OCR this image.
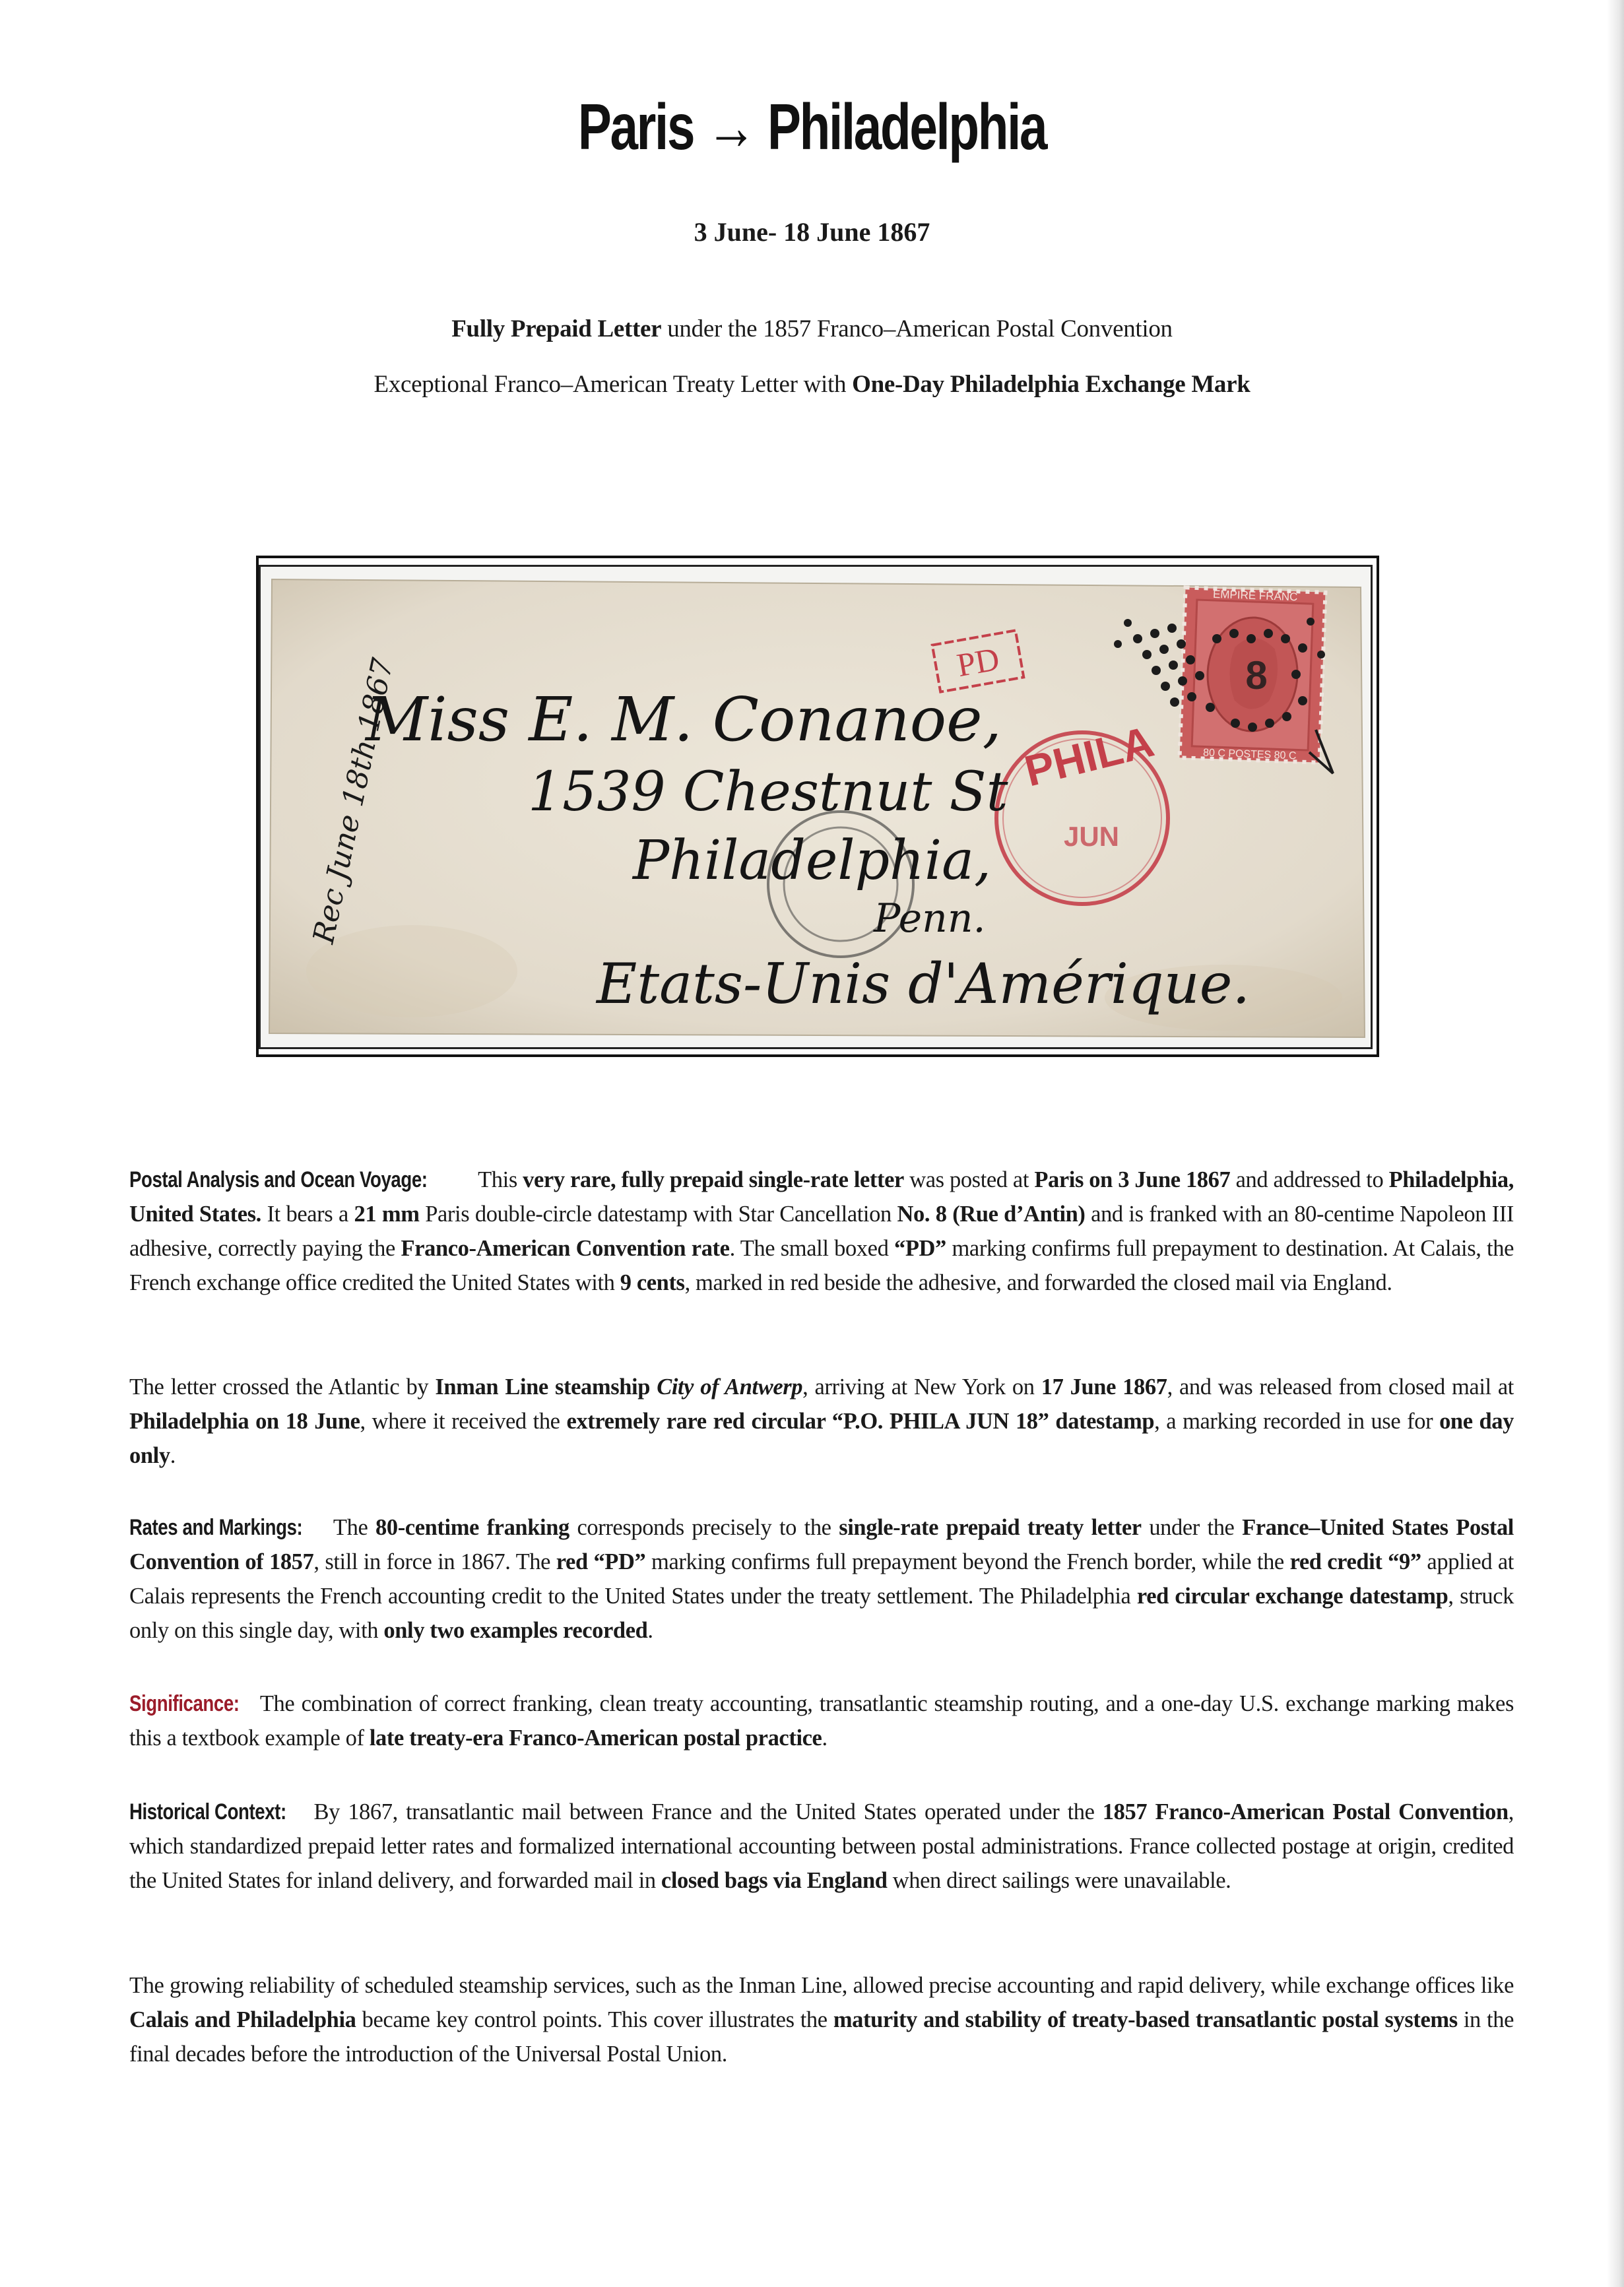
Paris → Philadelphia
3 June- 18 June 1867
Fully Prepaid Letter under the 1857 Franco–American Postal Convention
Exceptional Franco–American Treaty Letter with One-Day Philadelphia Exchange Mark
EMPIRE FRANC
80 C POSTES 80 C
8
PD
PHILA
JUN
Rec June 18th 1867
Miss E. M. Conanoe,
1539 Chestnut St
Philadelphia,
Penn.
Etats-Unis d'Amérique.

Postal Analysis and Ocean Voyage: This very rare, fully prepaid single-rate letter was posted at Paris on 3 June 1867 and addressed to Philadelphia, United States. It bears a 21 mm Paris double-circle datestamp with Star Cancellation No. 8 (Rue d’Antin) and is franked with an 80-centime Napoleon III adhesive, correctly paying the Franco-American Convention rate. The small boxed “PD” marking confirms full prepayment to destination. At Calais, the French exchange office credited the United States with 9 cents, marked in red beside the adhesive, and forwarded the closed mail via England.

The letter crossed the Atlantic by Inman Line steamship City of Antwerp, arriving at New York on 17 June 1867, and was released from closed mail at Philadelphia on 18 June, where it received the extremely rare red circular “P.O. PHILA JUN 18” datestamp, a marking recorded in use for one day only.

Rates and Markings: The 80-centime franking corresponds precisely to the single-rate prepaid treaty letter under the France–United States Postal Convention of 1857, still in force in 1867. The red “PD” marking confirms full prepayment beyond the French border, while the red credit “9” applied at Calais represents the French accounting credit to the United States under the treaty settlement. The Philadelphia red circular exchange datestamp, struck only on this single day, with only two examples recorded.

Significance: The combination of correct franking, clean treaty accounting, transatlantic steamship routing, and a one-day U.S. exchange marking makes this a textbook example of late treaty-era Franco-American postal practice.

Historical Context: By 1867, transatlantic mail between France and the United States operated under the 1857 Franco-American Postal Convention, which standardized prepaid letter rates and formalized international accounting between postal administrations. France collected postage at origin, credited the United States for inland delivery, and forwarded mail in closed bags via England when direct sailings were unavailable.

The growing reliability of scheduled steamship services, such as the Inman Line, allowed precise accounting and rapid delivery, while exchange offices like Calais and Philadelphia became key control points. This cover illustrates the maturity and stability of treaty-based transatlantic postal systems in the final decades before the introduction of the Universal Postal Union.
